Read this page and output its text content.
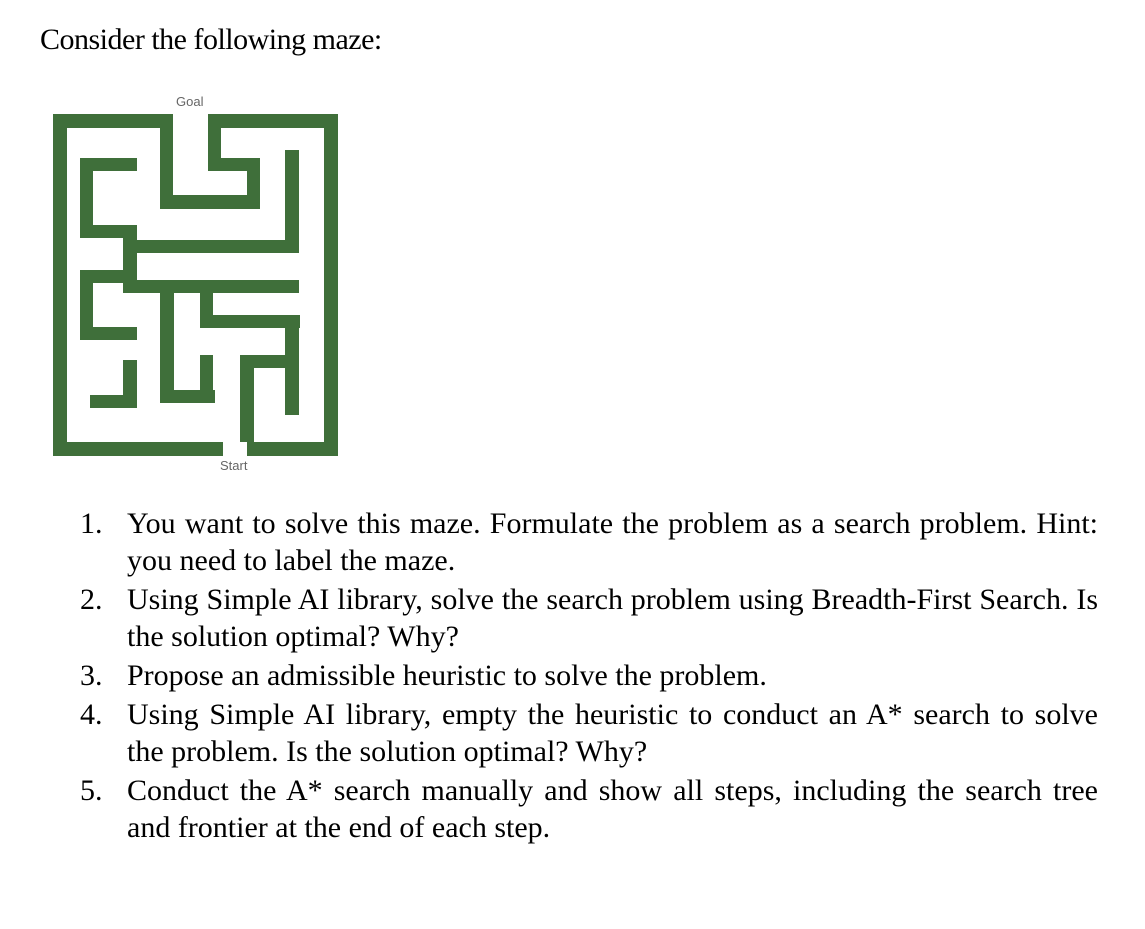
Consider the following maze:
Goal
Start
1. You want to solve this maze. Formulate the problem as a search problem. Hint: you need to label the maze.
2. Using Simple AI library, solve the search problem using Breadth-First Search. Is the solution optimal? Why?
3. Propose an admissible heuristic to solve the problem.
4. Using Simple AI library, empty the heuristic to conduct an A* search to solve the problem. Is the solution optimal? Why?
5. Conduct the A* search manually and show all steps, including the search tree and frontier at the end of each step.
